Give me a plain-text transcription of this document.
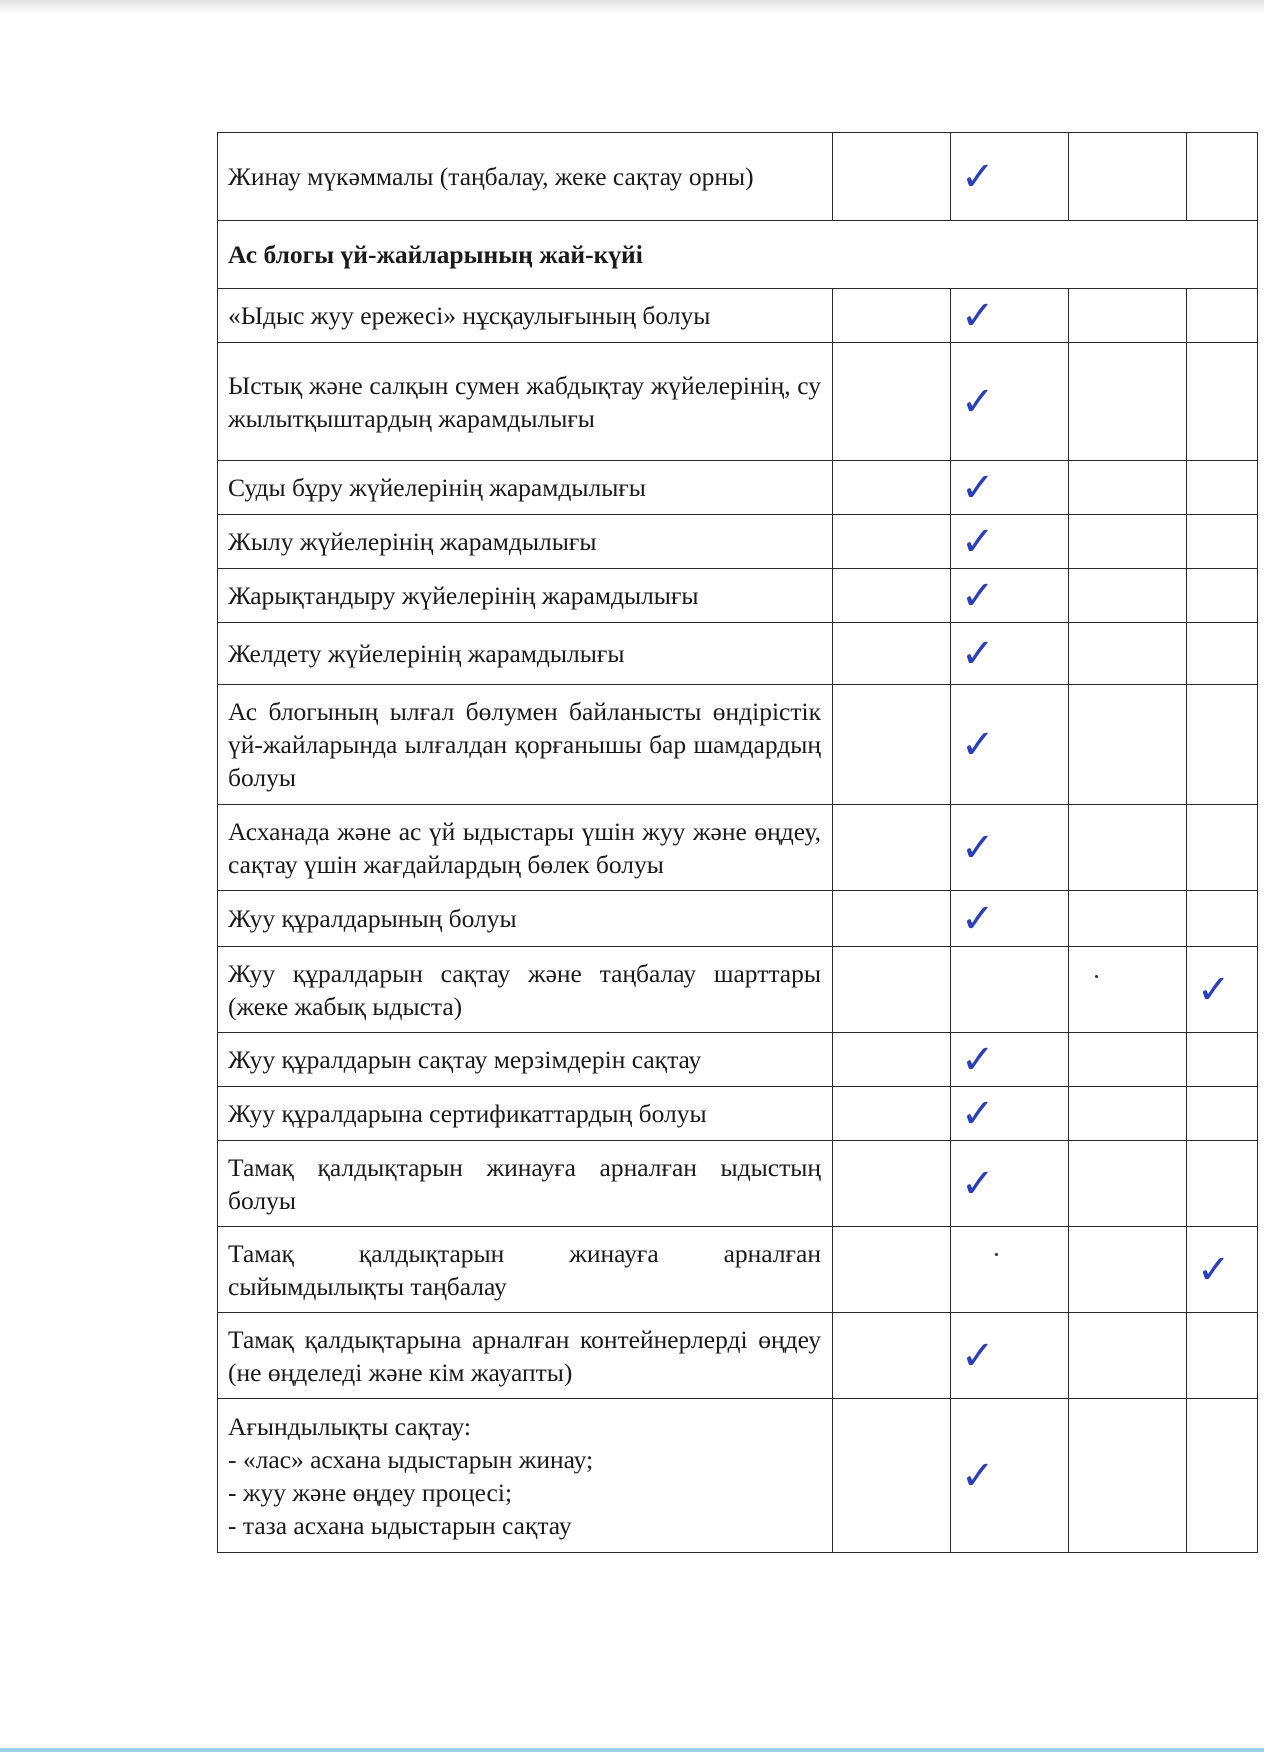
Жинау мүкәммалы (таңбалау, жеке сақтау орны)		✓		

Ас блогы үй-жайларының жай-күйі				
«Ыдыс жуу ережесі» нұсқаулығының болуы		✓		

Ыстық және салқын сумен жабдықтау жүйелерінің, су жылытқыштардың жарамдылығы		✓		

Суды бұру жүйелерінің жарамдылығы		✓		

Жылу жүйелерінің жарамдылығы		✓		

Жарықтандыру жүйелерінің жарамдылығы		✓		

Желдету жүйелерінің жарамдылығы		✓		

Ас блогының ылғал бөлумен байланысты өндірістік үй-жайларында ылғалдан қорғанышы бар шамдардың болуы		✓		

Асханада және ас үй ыдыстары үшін жуу және өңдеу, сақтау үшін жағдайлардың бөлек болуы		✓		

Жуу құралдарының болуы		✓		

Жуу құралдарын сақтау және таңбалау шарттары (жеке жабық ыдыста)				✓

Жуу құралдарын сақтау мерзімдерін сақтау		✓		

Жуу құралдарына сертификаттардың болуы		✓		

Тамақ қалдықтарын жинауға арналған ыдыстың болуы		✓		

Тамақ қалдықтарын жинауға арналған сыйымдылықты таңбалау				✓

Тамақ қалдықтарына арналған контейнерлерді өңдеу (не өңделеді және кім жауапты)		✓		

Ағындылықты сақтау:
- «лас» асхана ыдыстарын жинау;
- жуу және өңдеу процесі;
- таза асхана ыдыстарын сақтау		✓		
